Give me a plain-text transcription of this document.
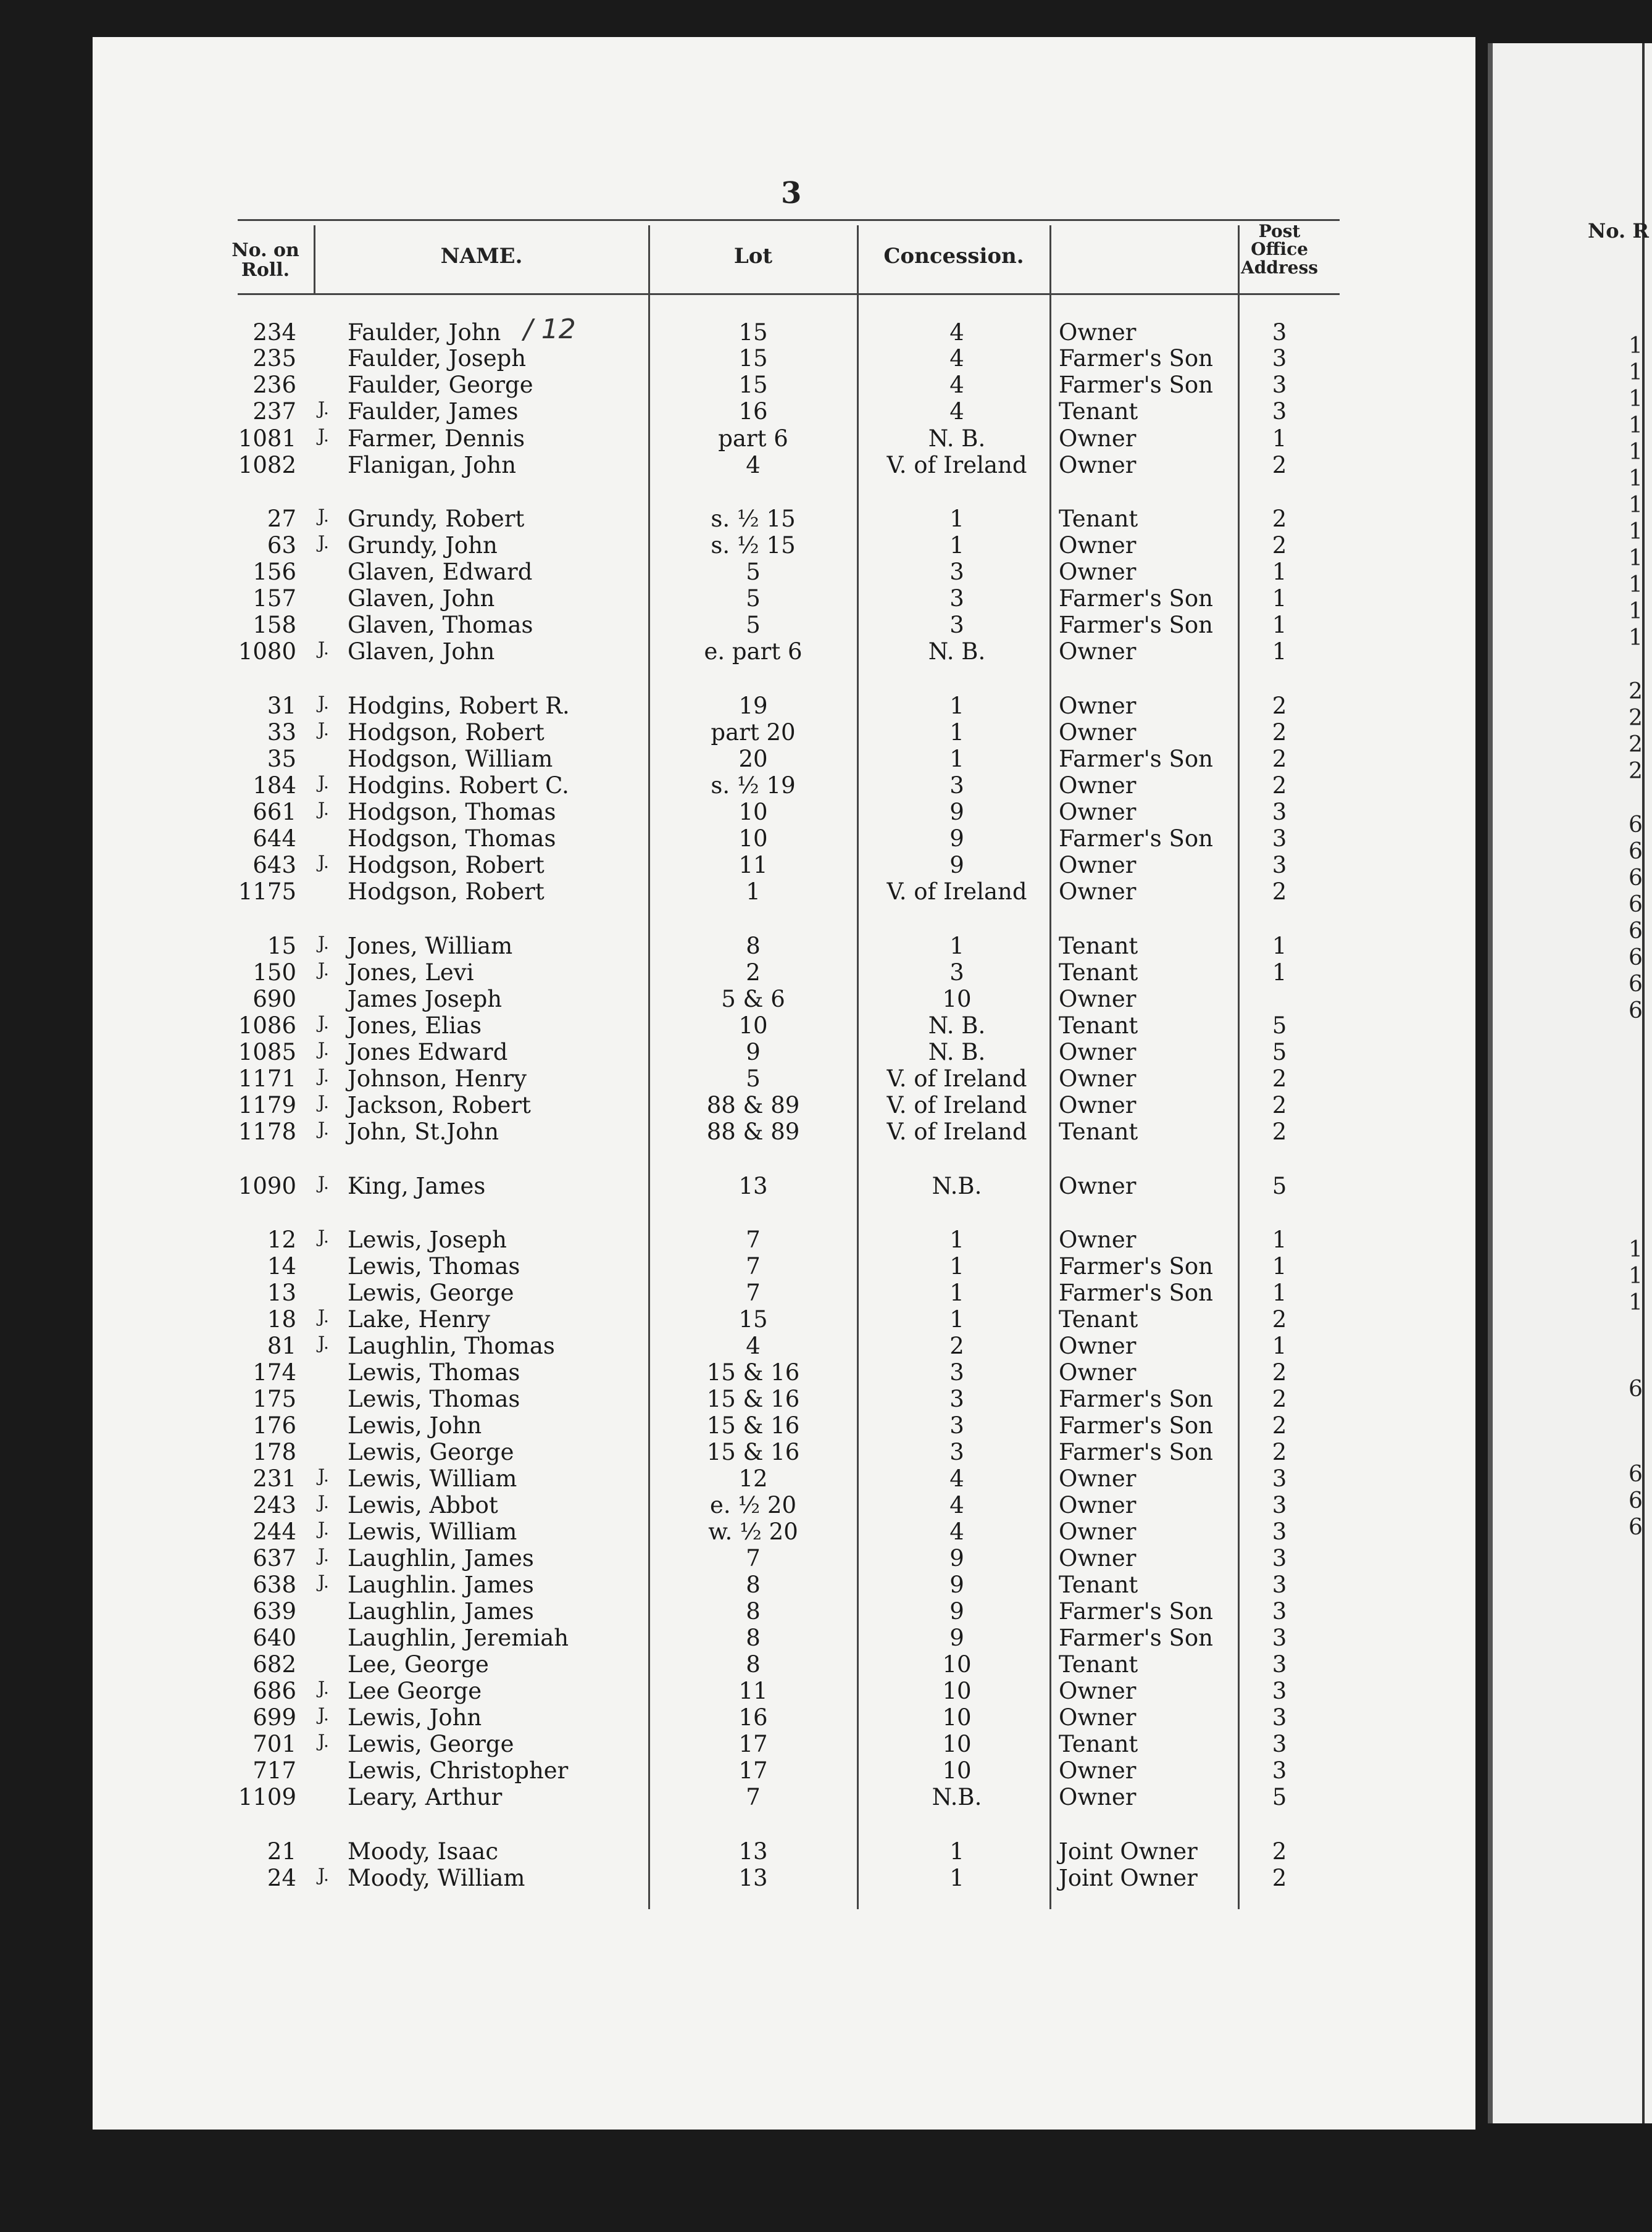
3
No. on Roll.
NAME.	Lot	Concession.
Post Office Address
/ 12
234 Faulder, John	15	4	Owner	3
235 Faulder, Joseph	15	4	Farmer's Son	3
236 Faulder, George	15	4	Farmer's Son	3
237 J. Faulder, James	16	4	Tenant	3
1081 J. Farmer, Dennis	part 6	N. B.	Owner	1
1082 Flanigan, John	4	V. of Ireland	Owner	2
27 J. Grundy, Robert	s. ½ 15	1	Tenant	2
63 J. Grundy, John	s. ½ 15	1	Owner	2
156 Glaven, Edward	5	3	Owner	1
157 Glaven, John	5	3	Farmer's Son	1
158 Glaven, Thomas	5	3	Farmer's Son	1
1080 J. Glaven, John	e. part 6	N. B.	Owner	1
31 J. Hodgins, Robert R.	19	1	Owner	2
33 J. Hodgson, Robert	part 20	1	Owner	2
35 Hodgson, William	20	1	Farmer's Son	2
184 J. Hodgins. Robert C.	s. ½ 19	3	Owner	2
661 J. Hodgson, Thomas	10	9	Owner	3
644 Hodgson, Thomas	10	9	Farmer's Son	3
643 J. Hodgson, Robert	11	9	Owner	3
1175 Hodgson, Robert	1	V. of Ireland	Owner	2
15 J. Jones, William	8	1	Tenant	1
150 J. Jones, Levi	2	3	Tenant	1
690 James Joseph	5 & 6	10	Owner
1086 J. Jones, Elias	10	N. B.	Tenant	5
1085 J. Jones Edward	9	N. B.	Owner	5
1171 J. Johnson, Henry	5	V. of Ireland	Owner	2
1179 J. Jackson, Robert	88 & 89	V. of Ireland	Owner	2
1178 J. John, St.John	88 & 89	V. of Ireland	Tenant	2
1090 J. King, James	13	N.B.	Owner	5
12 J. Lewis, Joseph	7	1	Owner	1
14 Lewis, Thomas	7	1	Farmer's Son	1
13 Lewis, George	7	1	Farmer's Son	1
18 J. Lake, Henry	15	1	Tenant	2
81 J. Laughlin, Thomas	4	2	Owner	1
174 Lewis, Thomas	15 & 16	3	Owner	2
175 Lewis, Thomas	15 & 16	3	Farmer's Son	2
176 Lewis, John	15 & 16	3	Farmer's Son	2
178 Lewis, George	15 & 16	3	Farmer's Son	2
231 J. Lewis, William	12	4	Owner	3
243 J. Lewis, Abbot	e. ½ 20	4	Owner	3
244 J. Lewis, William	w. ½ 20	4	Owner	3
637 J. Laughlin, James	7	9	Owner	3
638 J. Laughlin. James	8	9	Tenant	3
639 Laughlin, James	8	9	Farmer's Son	3
640 Laughlin, Jeremiah	8	9	Farmer's Son	3
682 Lee, George	8	10	Tenant	3
686 J. Lee George	11	10	Owner	3
699 J. Lewis, John	16	10	Owner	3
701 J. Lewis, George	17	10	Tenant	3
717 Lewis, Christopher	17	10	Owner	3
1109 Leary, Arthur	7	N.B.	Owner	5
21 Moody, Isaac	13	1	Joint Owner	2
24 J. Moody, William	13	1	Joint Owner	2
No. R
1
1
1
1
1
1
1
1
1
1
1
1
2
2
2
2
6
6
6
6
6
6
6
6
1
1
1
6
6
6
6
